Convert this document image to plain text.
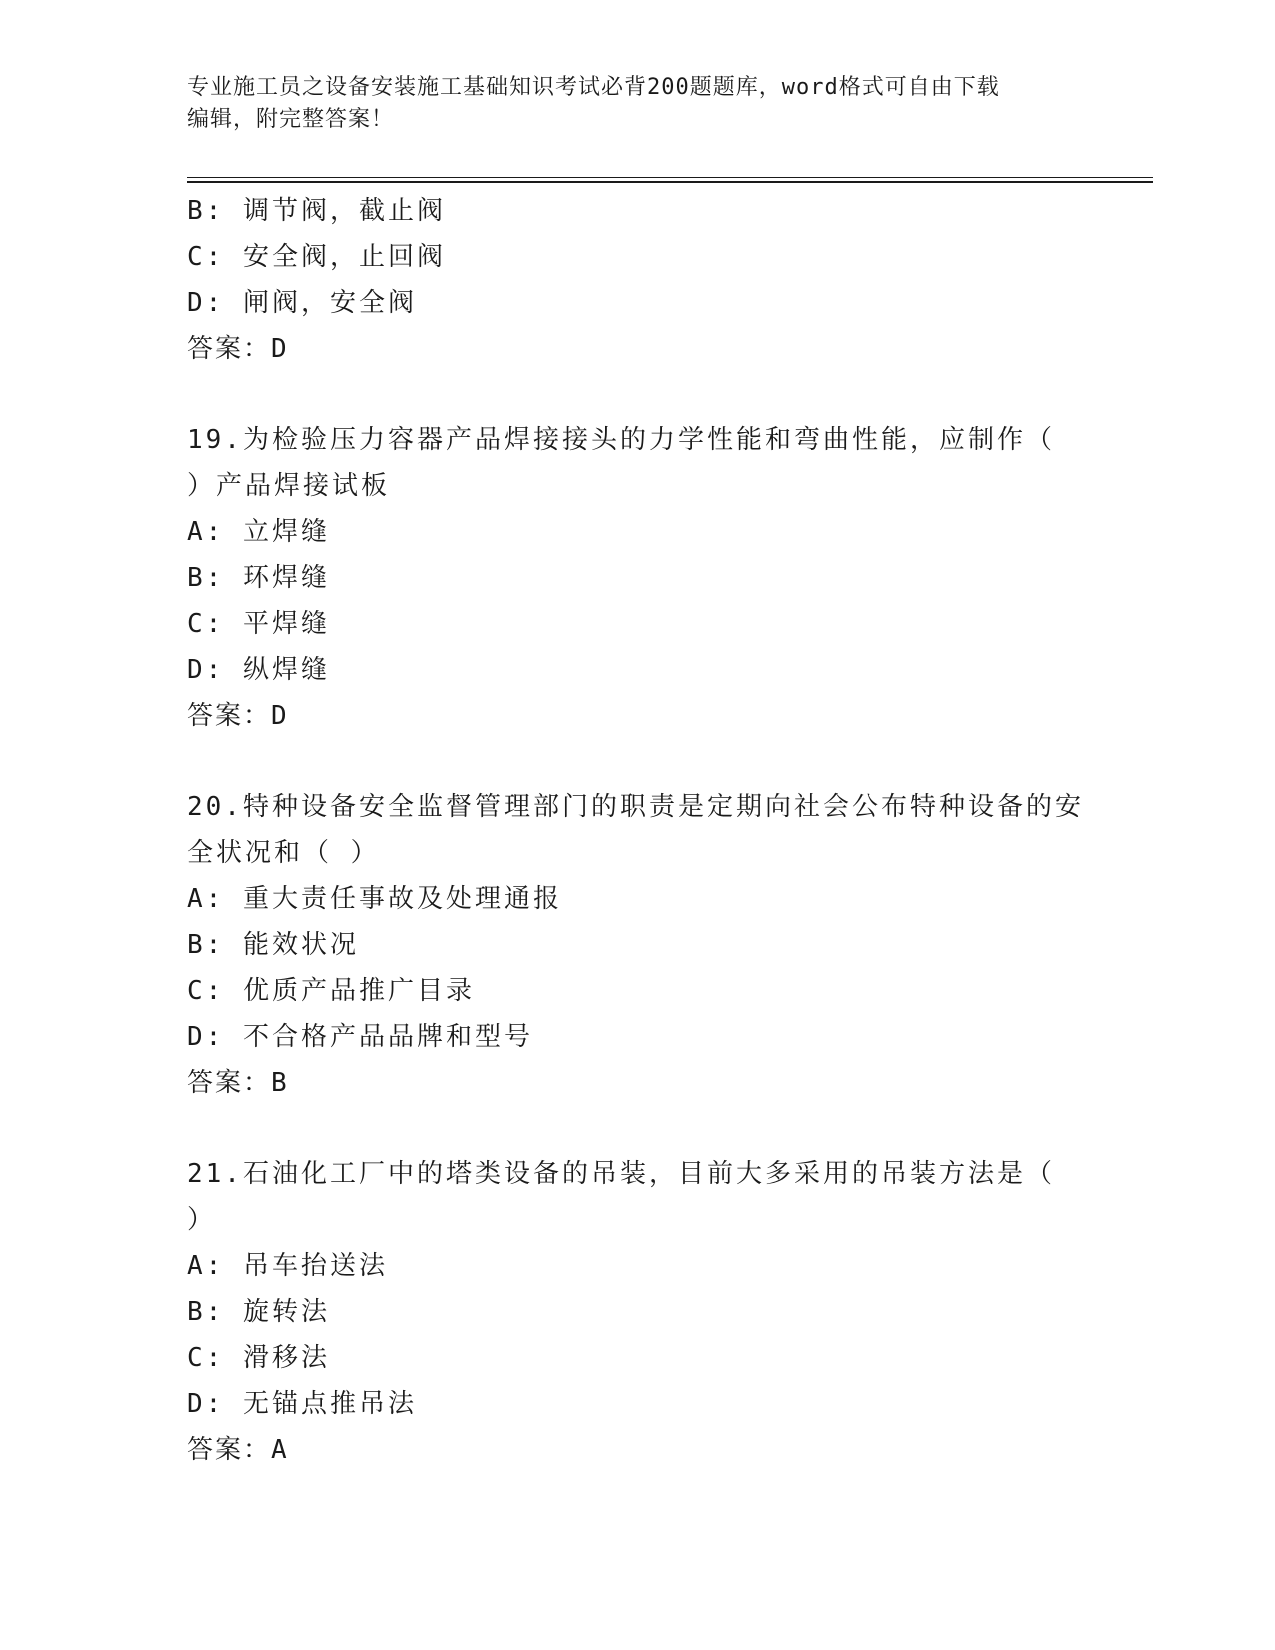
专业施工员之设备安装施工基础知识考试必背200题题库，word格式可自由下载
编辑，附完整答案！
B: 调节阀，截止阀
C: 安全阀，止回阀
D: 闸阀，安全阀
答案：D
19.为检验压力容器产品焊接接头的力学性能和弯曲性能，应制作（
）产品焊接试板
A: 立焊缝
B: 环焊缝
C: 平焊缝
D: 纵焊缝
答案：D
20.特种设备安全监督管理部门的职责是定期向社会公布特种设备的安
全状况和（ ）
A: 重大责任事故及处理通报
B: 能效状况
C: 优质产品推广目录
D: 不合格产品品牌和型号
答案：B
21.石油化工厂中的塔类设备的吊装，目前大多采用的吊装方法是（
）
A: 吊车抬送法
B: 旋转法
C: 滑移法
D: 无锚点推吊法
答案：A
